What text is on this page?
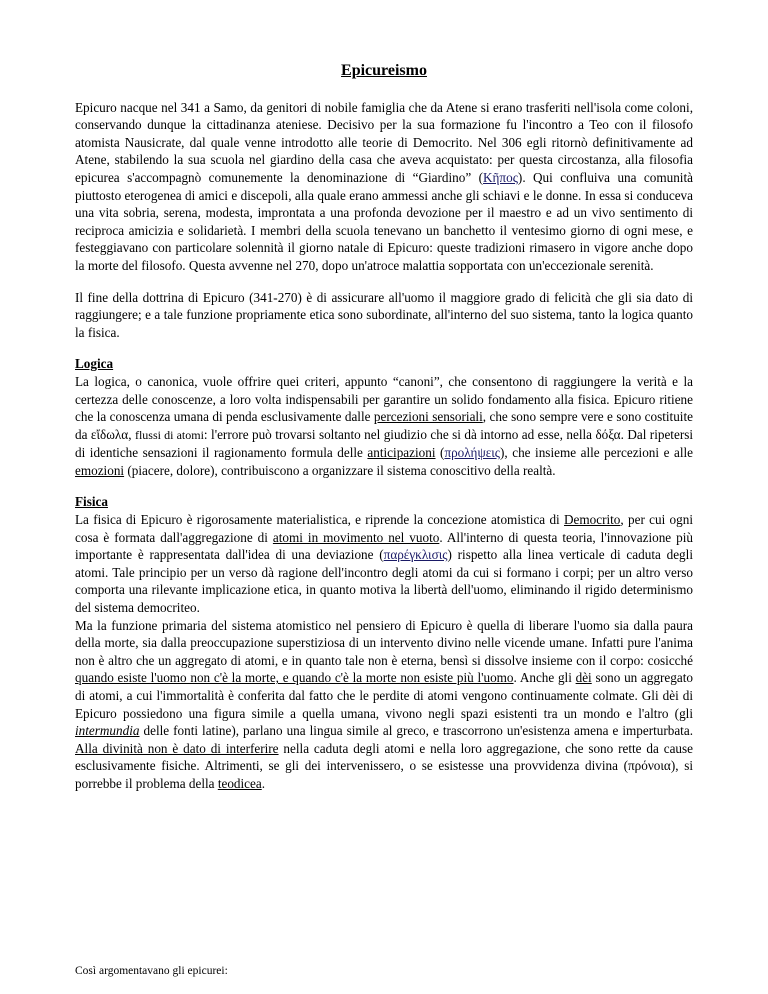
Epicureismo

Epicuro nacque nel 341 a Samo, da genitori di nobile famiglia che da Atene si erano trasferiti nell'isola come coloni, conservando dunque la cittadinanza ateniese. Decisivo per la sua formazione fu l'incontro a Teo con il filosofo atomista Nausicrate, dal quale venne introdotto alle teorie di Democrito. Nel 306 egli ritornò definitivamente ad Atene, stabilendo la sua scuola nel giardino della casa che aveva acquistato: per questa circostanza, alla filosofia epicurea s'accompagnò comunemente la denominazione di “Giardino” (Κῆπος). Qui confluiva una comunità piuttosto eterogenea di amici e discepoli, alla quale erano ammessi anche gli schiavi e le donne. In essa si conduceva una vita sobria, serena, modesta, improntata a una profonda devozione per il maestro e ad un vivo sentimento di reciproca amicizia e solidarietà. I membri della scuola tenevano un banchetto il ventesimo giorno di ogni mese, e festeggiavano con particolare solennità il giorno natale di Epicuro: queste tradizioni rimasero in vigore anche dopo la morte del filosofo. Questa avvenne nel 270, dopo un'atroce malattia sopportata con un'eccezionale serenità.

Il fine della dottrina di Epicuro (341-270) è di assicurare all'uomo il maggiore grado di felicità che gli sia dato di raggiungere; e a tale funzione propriamente etica sono subordinate, all'interno del suo sistema, tanto la logica quanto la fisica.

Logica
La logica, o canonica, vuole offrire quei criteri, appunto “canoni”, che consentono di raggiungere la verità e la certezza delle conoscenze, a loro volta indispensabili per garantire un solido fondamento alla fisica. Epicuro ritiene che la conoscenza umana di penda esclusivamente dalle percezioni sensoriali, che sono sempre vere e sono costituite da εἴδωλα, flussi di atomi: l'errore può trovarsi soltanto nel giudizio che si dà intorno ad esse, nella δόξα. Dal ripetersi di identiche sensazioni il ragionamento formula delle anticipazioni (προλήψεις), che insieme alle percezioni e alle emozioni (piacere, dolore), contribuiscono a organizzare il sistema conoscitivo della realtà.

Fisica
La fisica di Epicuro è rigorosamente materialistica, e riprende la concezione atomistica di Democrito, per cui ogni cosa è formata dall'aggregazione di atomi in movimento nel vuoto. All'interno di questa teoria, l'innovazione più importante è rappresentata dall'idea di una deviazione (παρέγκλισις) rispetto alla linea verticale di caduta degli atomi. Tale principio per un verso dà ragione dell'incontro degli atomi da cui si formano i corpi; per un altro verso comporta una rilevante implicazione etica, in quanto motiva la libertà dell'uomo, eliminando il rigido determinismo del sistema democriteo.
Ma la funzione primaria del sistema atomistico nel pensiero di Epicuro è quella di liberare l'uomo sia dalla paura della morte, sia dalla preoccupazione superstiziosa di un intervento divino nelle vicende umane. Infatti pure l'anima non è altro che un aggregato di atomi, e in quanto tale non è eterna, bensì si dissolve insieme con il corpo: cosicché quando esiste l'uomo non c'è la morte, e quando c'è la morte non esiste più l'uomo. Anche gli dèi sono un aggregato di atomi, a cui l'immortalità è conferita dal fatto che le perdite di atomi vengono continuamente colmate. Gli dèi di Epicuro possiedono una figura simile a quella umana, vivono negli spazi esistenti tra un mondo e l'altro (gli intermundia delle fonti latine), parlano una lingua simile al greco, e trascorrono un'esistenza amena e imperturbata. Alla divinità non è dato di interferire nella caduta degli atomi e nella loro aggregazione, che sono rette da cause esclusivamente fisiche. Altrimenti, se gli dei intervenissero, o se esistesse una provvidenza divina (πρόνοια), si porrebbe il problema della teodicea.

Così argomentavano gli epicurei:
